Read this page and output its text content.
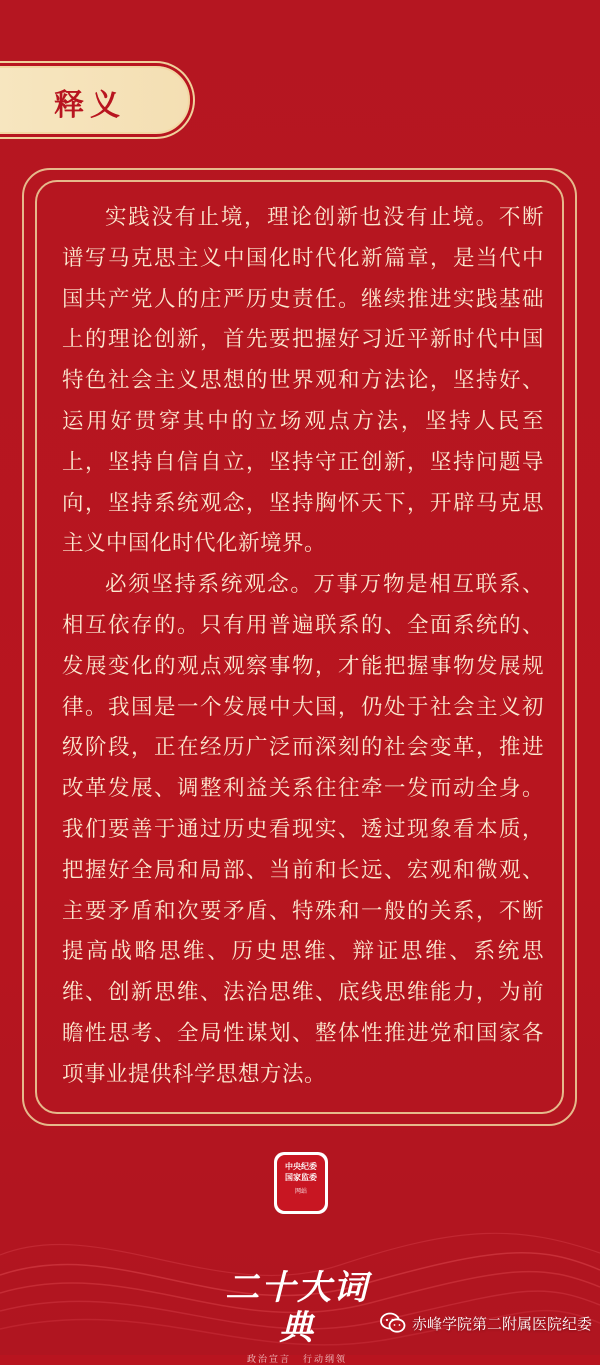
释义

实践没有止境，理论创新也没有止境。不断谱写马克思主义中国化时代化新篇章，是当代中国共产党人的庄严历史责任。继续推进实践基础上的理论创新，首先要把握好习近平新时代中国特色社会主义思想的世界观和方法论，坚持好、运用好贯穿其中的立场观点方法，坚持人民至上，坚持自信自立，坚持守正创新，坚持问题导向，坚持系统观念，坚持胸怀天下，开辟马克思主义中国化时代化新境界。

必须坚持系统观念。万事万物是相互联系、相互依存的。只有用普遍联系的、全面系统的、发展变化的观点观察事物，才能把握事物发展规律。我国是一个发展中大国，仍处于社会主义初级阶段，正在经历广泛而深刻的社会变革，推进改革发展、调整利益关系往往牵一发而动全身。我们要善于通过历史看现实、透过现象看本质，把握好全局和局部、当前和长远、宏观和微观、主要矛盾和次要矛盾、特殊和一般的关系，不断提高战略思维、历史思维、辩证思维、系统思维、创新思维、法治思维、底线思维能力，为前瞻性思考、全局性谋划、整体性推进党和国家各项事业提供科学思想方法。

中央纪委
国家监委
网站
二十大词典
政治宣言 行动纲领
赤峰学院第二附属医院纪委
